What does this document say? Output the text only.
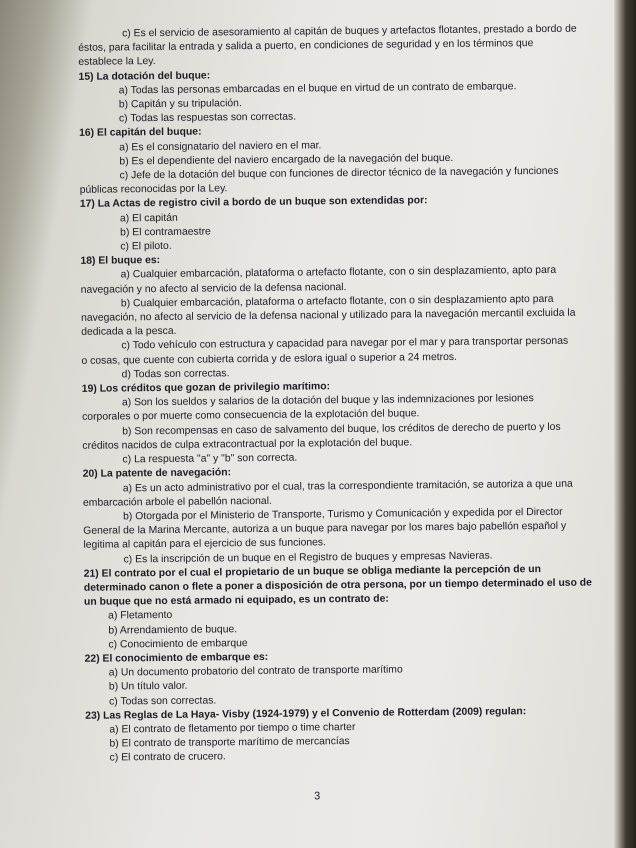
c) Es el servicio de asesoramiento al capitán de buques y artefactos flotantes, prestado a bordo de
éstos, para facilitar la entrada y salida a puerto, en condiciones de seguridad y en los términos que
establece la Ley.
15) La dotación del buque:
a) Todas las personas embarcadas en el buque en virtud de un contrato de embarque.
b) Capitán y su tripulación.
c) Todas las respuestas son correctas.
16) El capitán del buque:
a) Es el consignatario del naviero en el mar.
b) Es el dependiente del naviero encargado de la navegación del buque.
c) Jefe de la dotación del buque con funciones de director técnico de la navegación y funciones
públicas reconocidas por la Ley.
17) La Actas de registro civil a bordo de un buque son extendidas por:
a) El capitán
b) El contramaestre
c) El piloto.
18) El buque es:
a) Cualquier embarcación, plataforma o artefacto flotante, con o sin desplazamiento, apto para
navegación y no afecto al servicio de la defensa nacional.
b) Cualquier embarcación, plataforma o artefacto flotante, con o sin desplazamiento apto para
navegación, no afecto al servicio de la defensa nacional y utilizado para la navegación mercantil excluida la
dedicada a la pesca.
c) Todo vehículo con estructura y capacidad para navegar por el mar y para transportar personas
o cosas, que cuente con cubierta corrida y de eslora igual o superior a 24 metros.
d) Todas son correctas.
19) Los créditos que gozan de privilegio marítimo:
a) Son los sueldos y salarios de la dotación del buque y las indemnizaciones por lesiones
corporales o por muerte como consecuencia de la explotación del buque.
b) Son recompensas en caso de salvamento del buque, los créditos de derecho de puerto y los
créditos nacidos de culpa extracontractual por la explotación del buque.
c) La respuesta "a" y "b" son correcta.
20) La patente de navegación:
a) Es un acto administrativo por el cual, tras la correspondiente tramitación, se autoriza a que una
embarcación arbole el pabellón nacional.
b) Otorgada por el Ministerio de Transporte, Turismo y Comunicación y expedida por el Director
General de la Marina Mercante, autoriza a un buque para navegar por los mares bajo pabellón español y
legitima al capitán para el ejercicio de sus funciones.
c) Es la inscripción de un buque en el Registro de buques y empresas Navieras.
21) El contrato por el cual el propietario de un buque se obliga mediante la percepción de un
determinado canon o flete a poner a disposición de otra persona, por un tiempo determinado el uso de
un buque que no está armado ni equipado, es un contrato de:
a) Fletamento
b) Arrendamiento de buque.
c) Conocimiento de embarque
22) El conocimiento de embarque es:
a) Un documento probatorio del contrato de transporte marítimo
b) Un título valor.
c) Todas son correctas.
23) Las Reglas de La Haya- Visby (1924-1979) y el Convenio de Rotterdam (2009) regulan:
a) El contrato de fletamento por tiempo o time charter
b) El contrato de transporte marítimo de mercancías
c) El contrato de crucero.
3
